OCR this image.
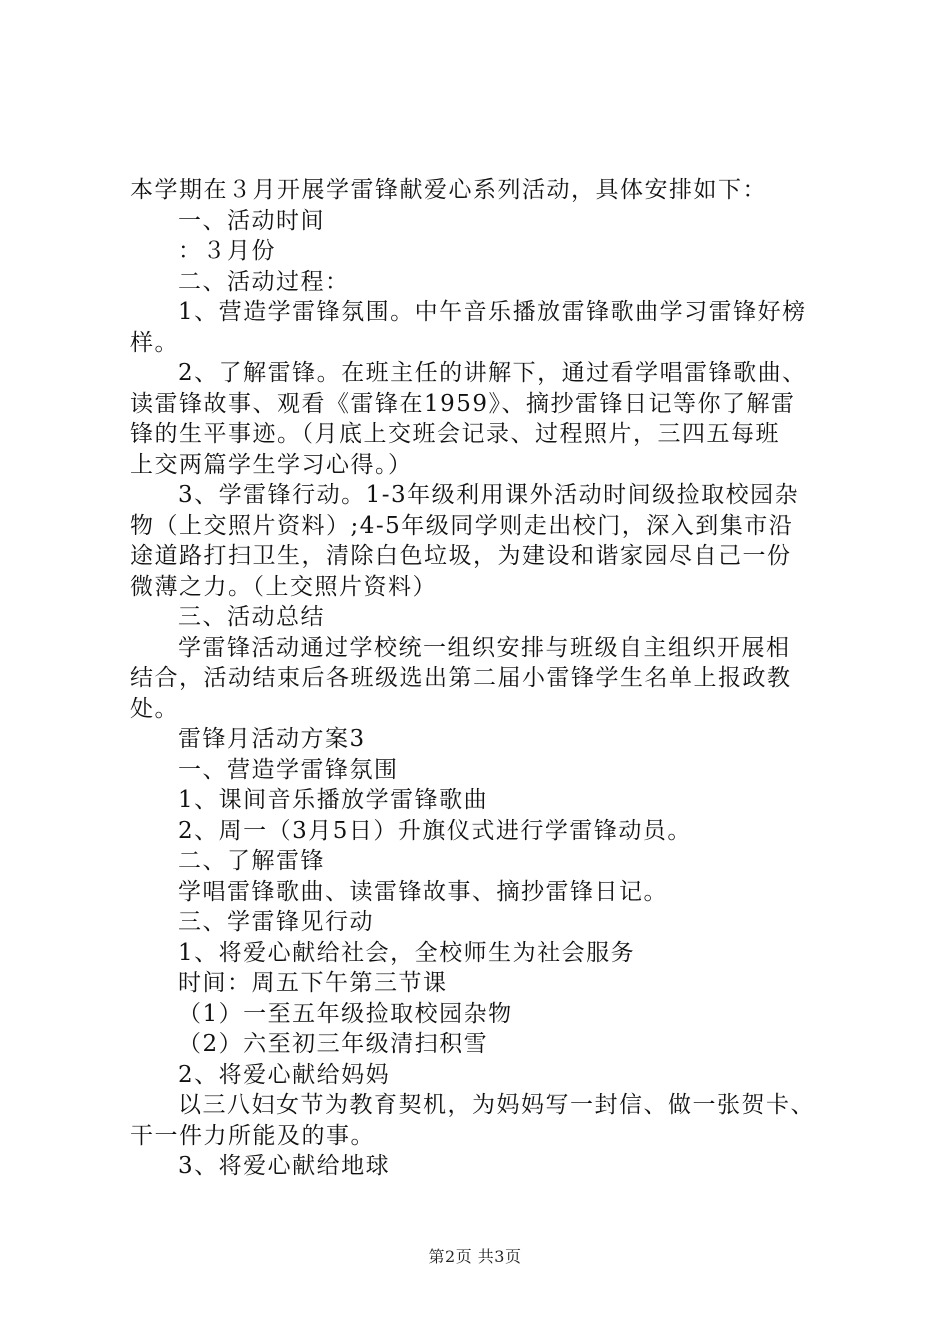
本学期在３月开展学雷锋献爱心系列活动，具体安排如下：
一、活动时间
：３月份
二、活动过程：
1、营造学雷锋氛围。中午音乐播放雷锋歌曲学习雷锋好榜
样。
2、了解雷锋。在班主任的讲解下，通过看学唱雷锋歌曲、
读雷锋故事、观看《雷锋在1959》、摘抄雷锋日记等你了解雷
锋的生平事迹。（月底上交班会记录、过程照片，三四五每班
上交两篇学生学习心得。）
3、学雷锋行动。1-3年级利用课外活动时间级捡取校园杂
物（上交照片资料）;4-5年级同学则走出校门，深入到集市沿
途道路打扫卫生，清除白色垃圾，为建设和谐家园尽自己一份
微薄之力。（上交照片资料）
三、活动总结
学雷锋活动通过学校统一组织安排与班级自主组织开展相
结合，活动结束后各班级选出第二届小雷锋学生名单上报政教
处。
雷锋月活动方案3
一、营造学雷锋氛围
1、课间音乐播放学雷锋歌曲
2、周一（3月5日）升旗仪式进行学雷锋动员。
二、了解雷锋
学唱雷锋歌曲、读雷锋故事、摘抄雷锋日记。
三、学雷锋见行动
1、将爱心献给社会，全校师生为社会服务
时间：周五下午第三节课
（1）一至五年级捡取校园杂物
（2）六至初三年级清扫积雪
2、将爱心献给妈妈
以三八妇女节为教育契机，为妈妈写一封信、做一张贺卡、
干一件力所能及的事。
3、将爱心献给地球
第2页 共3页
